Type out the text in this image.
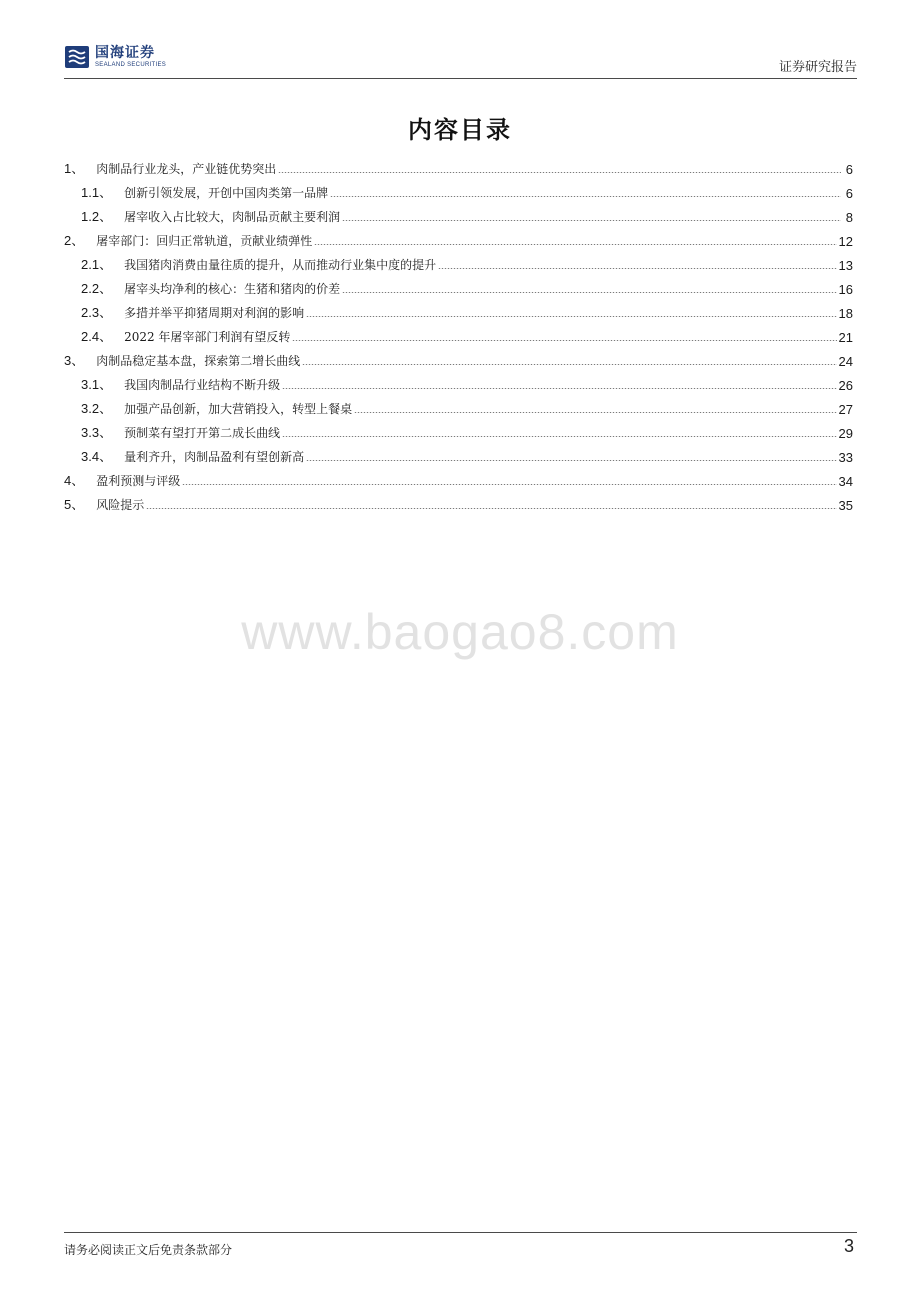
国海证券
SEALAND SECURITIES	证券研究报告
内容目录
1、 肉制品行业龙头，产业链优势突出	6
1.1、 创新引领发展，开创中国肉类第一品牌	6
1.2、 屠宰收入占比较大，肉制品贡献主要利润	8
2、 屠宰部门：回归正常轨道，贡献业绩弹性	12
2.1、 我国猪肉消费由量往质的提升，从而推动行业集中度的提升	13
2.2、 屠宰头均净利的核心：生猪和猪肉的价差	16
2.3、 多措并举平抑猪周期对利润的影响	18
2.4、 2022 年屠宰部门利润有望反转	21
3、 肉制品稳定基本盘，探索第二增长曲线	24
3.1、 我国肉制品行业结构不断升级	26
3.2、 加强产品创新，加大营销投入，转型上餐桌	27
3.3、 预制菜有望打开第二成长曲线	29
3.4、 量利齐升，肉制品盈利有望创新高	33
4、 盈利预测与评级	34
5、 风险提示	35
www.baogao8.com
请务必阅读正文后免责条款部分	3
